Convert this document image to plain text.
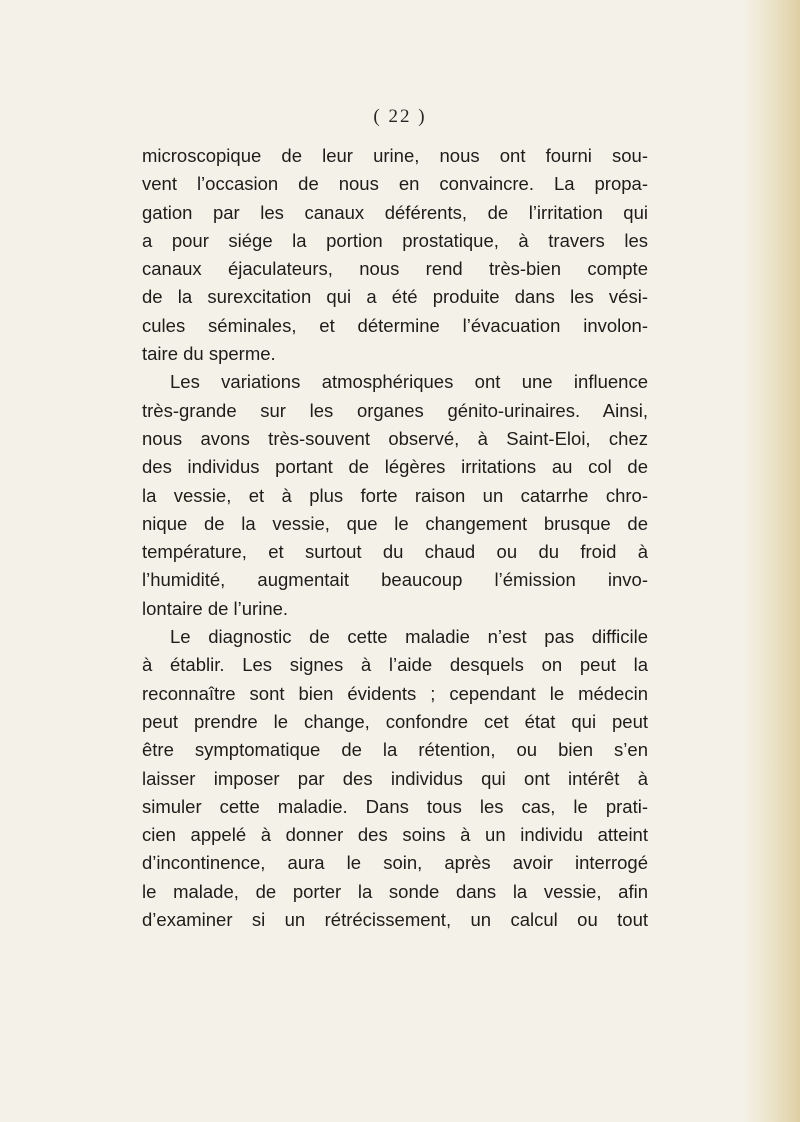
( 22 )
microscopique de leur urine, nous ont fourni sou-
vent l’occasion de nous en convaincre. La propa-
gation par les canaux déférents, de l’irritation qui
a pour siége la portion prostatique, à travers les
canaux éjaculateurs, nous rend très-bien compte
de la surexcitation qui a été produite dans les vési-
cules séminales, et détermine l’évacuation involon-
taire du sperme.
Les variations atmosphériques ont une influence
très-grande sur les organes génito-urinaires. Ainsi,
nous avons très-souvent observé, à Saint-Eloi, chez
des individus portant de légères irritations au col de
la vessie, et à plus forte raison un catarrhe chro-
nique de la vessie, que le changement brusque de
température, et surtout du chaud ou du froid à
l’humidité, augmentait beaucoup l’émission invo-
lontaire de l’urine.
Le diagnostic de cette maladie n’est pas difficile
à établir. Les signes à l’aide desquels on peut la
reconnaître sont bien évidents ; cependant le médecin
peut prendre le change, confondre cet état qui peut
être symptomatique de la rétention, ou bien s’en
laisser imposer par des individus qui ont intérêt à
simuler cette maladie. Dans tous les cas, le prati-
cien appelé à donner des soins à un individu atteint
d’incontinence, aura le soin, après avoir interrogé
le malade, de porter la sonde dans la vessie, afin
d’examiner si un rétrécissement, un calcul ou tout
